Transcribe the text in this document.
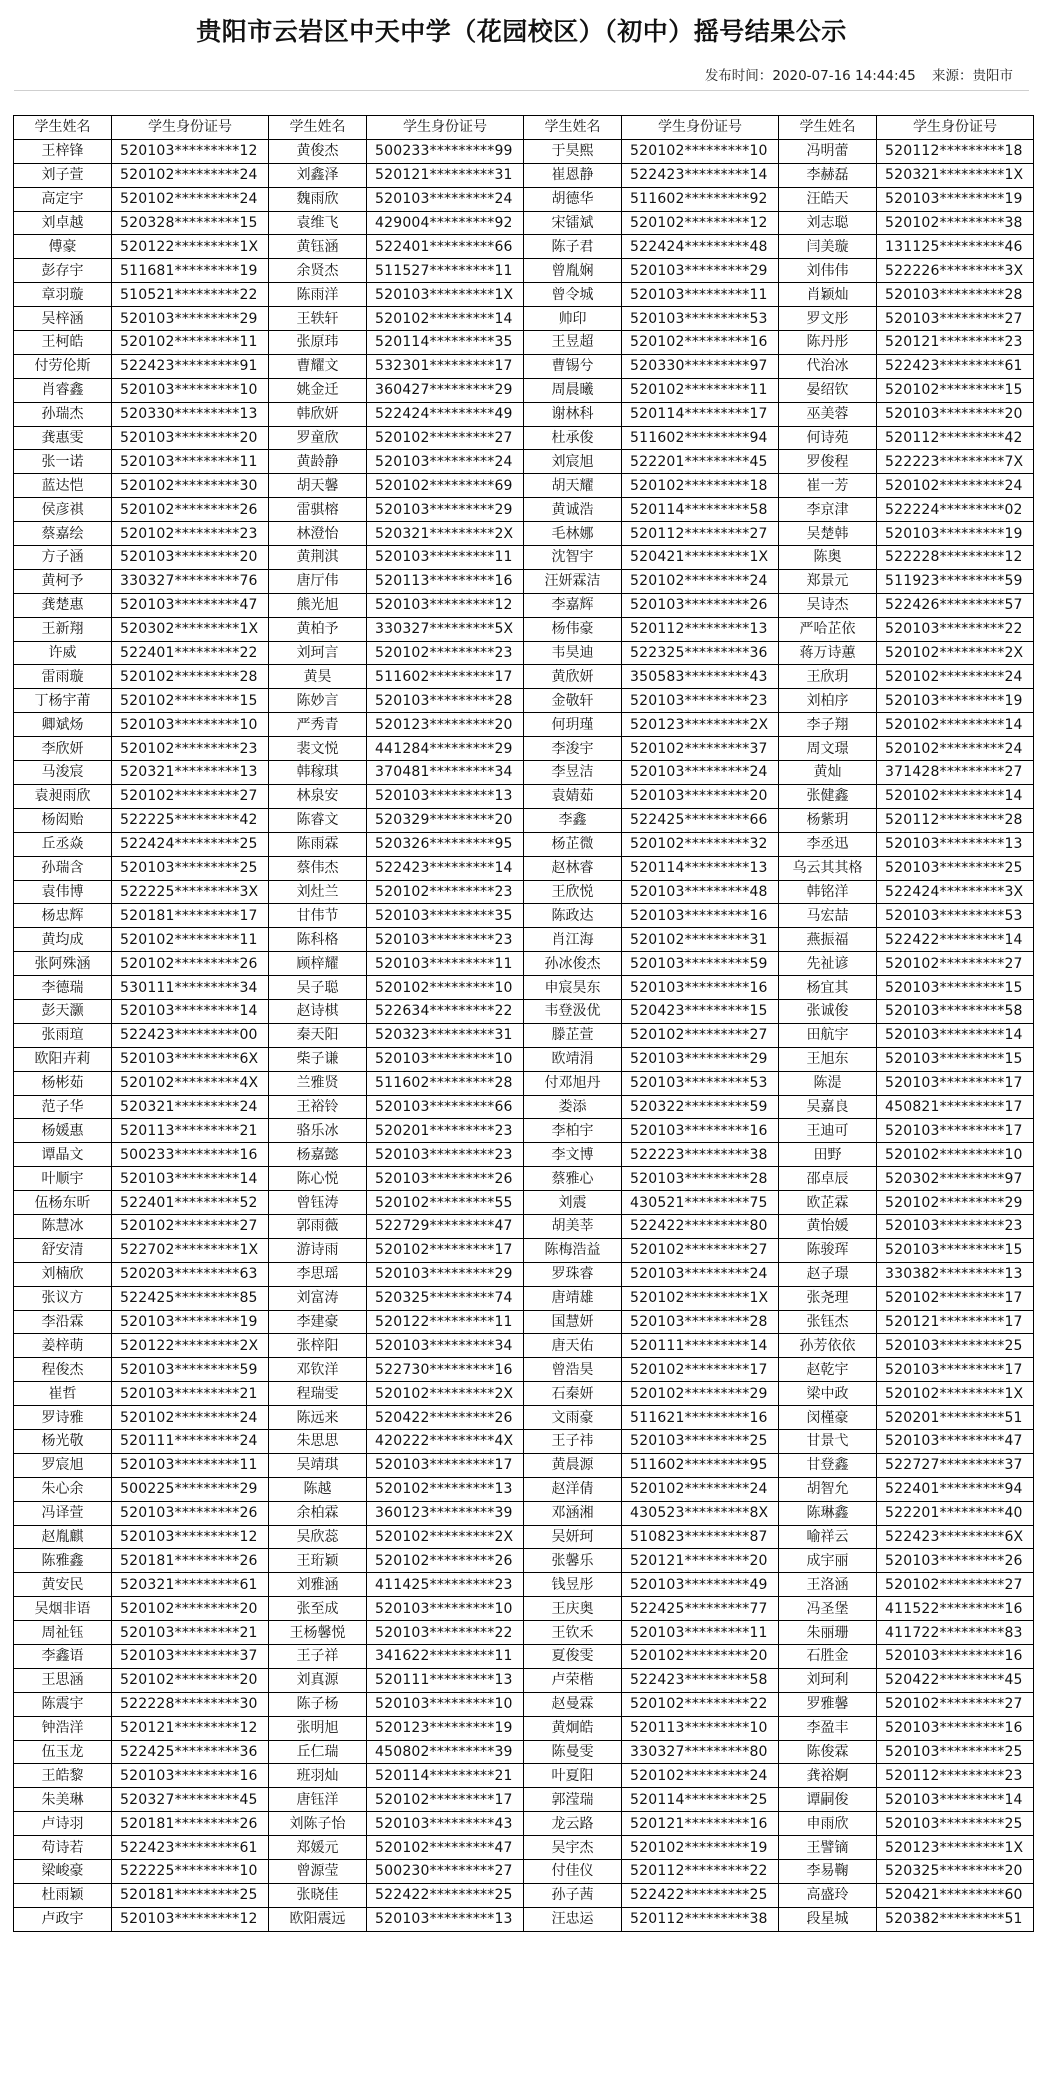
贵阳市云岩区中天中学（花园校区）（初中）摇号结果公示
发布时间：2020-07-16 14:44:45 来源：贵阳市
学生姓名	学生身份证号	学生姓名	学生身份证号	学生姓名	学生身份证号	学生姓名	学生身份证号
王梓锋	520103*********12	黄俊杰	500233*********99	于昊熙	520102*********10	冯明蕾	520112*********18
刘子萱	520102*********24	刘鑫泽	520121*********31	崔恩静	522423*********14	李赫磊	520321*********1X
高定宇	520102*********24	魏雨欣	520103*********24	胡德华	511602*********92	汪皓天	520103*********19
刘卓越	520328*********15	袁维飞	429004*********92	宋镭斌	520102*********12	刘志聪	520102*********38
傅豪	520122*********1X	黄钰涵	522401*********66	陈子君	522424*********48	闫美璇	131125*********46
彭存宇	511681*********19	余贤杰	511527*********11	曾胤娴	520103*********29	刘伟伟	522226*********3X
章羽璇	510521*********22	陈雨洋	520103*********1X	曾令城	520103*********11	肖颖灿	520103*********28
吴梓涵	520103*********29	王轶轩	520102*********14	帅印	520103*********53	罗文彤	520103*********27
王柯皓	520102*********11	张原玮	520114*********35	王昱超	520102*********16	陈丹彤	520121*********23
付劳伦斯	522423*********91	曹耀文	532301*********17	曹锡兮	520330*********97	代治冰	522423*********61
肖睿鑫	520103*********10	姚金迁	360427*********29	周晨曦	520102*********11	晏绍钦	520102*********15
孙瑞杰	520330*********13	韩欣妍	522424*********49	谢林科	520114*********17	巫美蓉	520103*********20
龚惠雯	520103*********20	罗童欣	520102*********27	杜承俊	511602*********94	何诗苑	520112*********42
张一诺	520103*********11	黄龄静	520103*********24	刘宸旭	522201*********45	罗俊程	522223*********7X
蓝达恺	520102*********30	胡天馨	520102*********69	胡天耀	520102*********18	崔一芳	520102*********24
侯彦祺	520102*********26	雷骐榕	520103*********29	黄诚浩	520114*********58	李京津	522224*********02
蔡嘉绘	520102*********23	林澄怡	520321*********2X	毛林娜	520112*********27	吴楚韩	520103*********19
方子涵	520103*********20	黄荆淇	520103*********11	沈智宇	520421*********1X	陈奥	522228*********12
黄柯予	330327*********76	唐厅伟	520113*********16	汪妍霖洁	520102*********24	郑景元	511923*********59
龚楚惠	520103*********47	熊光旭	520103*********12	李嘉辉	520103*********26	吴诗杰	522426*********57
王新翔	520302*********1X	黄柏予	330327*********5X	杨伟豪	520112*********13	严哈芷依	520103*********22
许威	522401*********22	刘珂言	520102*********23	韦昊迪	522325*********36	蒋万诗蕙	520102*********2X
雷雨璇	520102*********28	黄昊	511602*********17	黄欣妍	350583*********43	王欣玥	520102*********24
丁杨宇莆	520102*********15	陈妙言	520103*********28	金敬轩	520103*********23	刘柏序	520103*********19
卿斌炀	520103*********10	严秀青	520123*********20	何玥瑾	520123*********2X	李子翔	520102*********14
李欣妍	520102*********23	裴文悦	441284*********29	李浚宇	520102*********37	周文璟	520102*********24
马浚宸	520321*********13	韩稼琪	370481*********34	李昱洁	520103*********24	黄灿	371428*********27
袁昶雨欣	520102*********27	林泉安	520103*********13	袁婧茹	520103*********20	张健鑫	520102*********14
杨闳贻	522225*********42	陈睿文	520329*********20	李鑫	522425*********66	杨紫玥	520112*********28
丘丞焱	522424*********25	陈雨霖	520326*********95	杨芷微	520102*********32	李丞迅	520103*********13
孙瑞含	520103*********25	蔡伟杰	522423*********14	赵林睿	520114*********13	乌云其其格	520103*********25
袁伟博	522225*********3X	刘灶兰	520102*********23	王欣悦	520103*********48	韩铭洋	522424*********3X
杨忠辉	520181*********17	甘伟节	520103*********35	陈政达	520103*********16	马宏喆	520103*********53
黄均成	520102*********11	陈科格	520103*********23	肖江海	520102*********31	燕振福	522422*********14
张阿殊涵	520102*********26	顾梓耀	520103*********11	孙冰俊杰	520103*********59	先祉谚	520102*********27
李德瑞	530111*********34	吴子聪	520102*********10	申宸昊东	520103*********16	杨宜其	520103*********15
彭天灏	520103*********14	赵诗棋	522634*********22	韦登汲优	520423*********15	张诚俊	520103*********58
张雨瑄	522423*********00	秦天阳	520323*********31	滕芷萱	520102*********27	田航宇	520103*********14
欧阳卉莉	520103*********6X	柴子谦	520103*********10	欧靖涓	520103*********29	王旭东	520103*********15
杨彬茹	520102*********4X	兰雅贤	511602*********28	付邓旭丹	520103*********53	陈湜	520103*********17
范子华	520321*********24	王裕铃	520103*********66	娄添	520322*********59	吴嘉良	450821*********17
杨媛惠	520113*********21	骆乐冰	520201*********23	李柏宇	520103*********16	王迪可	520103*********17
谭晶文	500233*********16	杨嘉懿	520103*********23	李文博	522223*********38	田野	520102*********10
叶顺宇	520103*********14	陈心悦	520103*********26	蔡雅心	520103*********28	邵卓辰	520302*********97
伍杨东昕	522401*********52	曾钰涛	520102*********55	刘震	430521*********75	欧芷霖	520102*********29
陈慧冰	520102*********27	郭雨薇	522729*********47	胡美莘	522422*********80	黄怡媛	520103*********23
舒安清	522702*********1X	游诗雨	520102*********17	陈梅浩益	520102*********27	陈骏珲	520103*********15
刘楠欣	520203*********63	李思瑶	520103*********29	罗珠睿	520103*********24	赵子璟	330382*********13
张议方	522425*********85	刘富涛	520325*********74	唐靖雄	520102*********1X	张尧理	520102*********17
李沿霖	520103*********19	李建豪	520122*********11	国慧妍	520103*********28	张钰杰	520121*********17
姜梓萌	520122*********2X	张梓阳	520103*********34	唐天佑	520111*********14	孙芳依依	520103*********25
程俊杰	520103*********59	邓钦洋	522730*********16	曾浩昊	520102*********17	赵乾宇	520103*********17
崔哲	520103*********21	程瑞雯	520102*********2X	石秦妍	520102*********29	梁中政	520102*********1X
罗诗雅	520102*********24	陈远来	520422*********26	文雨豪	511621*********16	闵槿豪	520201*********51
杨光敬	520111*********24	朱思思	420222*********4X	王子祎	520103*********25	甘景弋	520103*********47
罗宸旭	520103*********11	吴靖琪	520103*********17	黄晨源	511602*********95	甘登鑫	522727*********37
朱心余	500225*********29	陈越	520102*********13	赵洋倩	520102*********24	胡智允	522401*********94
冯译萱	520103*********26	余柏霖	360123*********39	邓涵湘	430523*********8X	陈琳鑫	522201*********40
赵胤麒	520103*********12	吴欣蕊	520102*********2X	吴妍珂	510823*********87	喻祥云	522423*********6X
陈雅鑫	520181*********26	王珩颖	520102*********26	张馨乐	520121*********20	成宇丽	520103*********26
黄安民	520321*********61	刘雅涵	411425*********23	钱昱彤	520103*********49	王洛涵	520102*********27
吴烟非语	520102*********20	张至成	520103*********10	王庆奥	522425*********77	冯圣堡	411522*********16
周祉钰	520103*********21	王杨馨悦	520103*********22	王钦禾	520103*********11	朱丽珊	411722*********83
李鑫语	520103*********37	王子祥	341622*********11	夏俊雯	520102*********20	石胜金	520103*********16
王思涵	520102*********20	刘真源	520111*********13	卢荣楷	522423*********58	刘珂利	520422*********45
陈震宇	522228*********30	陈子杨	520103*********10	赵曼霖	520102*********22	罗雅馨	520102*********27
钟浩洋	520121*********12	张明旭	520123*********19	黄炯皓	520113*********10	李盈丰	520103*********16
伍玉龙	522425*********36	丘仁瑞	450802*********39	陈曼雯	330327*********80	陈俊霖	520103*********25
王皓黎	520103*********16	班羽灿	520114*********21	叶夏阳	520102*********24	龚裕婀	520112*********23
朱美琳	520327*********45	唐钰洋	520102*********17	郭滢瑞	520114*********25	谭嗣俊	520103*********14
卢诗羽	520181*********26	刘陈子怡	520103*********43	龙云路	520121*********16	申雨欣	520103*********25
苟诗若	522423*********61	郑媛元	520102*********47	吴宇杰	520102*********19	王譬镝	520123*********1X
梁峻豪	522225*********10	曾源莹	500230*********27	付佳仪	520112*********22	李易鞠	520325*********20
杜雨颖	520181*********25	张晓佳	522422*********25	孙子茜	522422*********25	高盛玲	520421*********60
卢政宇	520103*********12	欧阳震远	520103*********13	汪忠运	520112*********38	段星城	520382*********51
